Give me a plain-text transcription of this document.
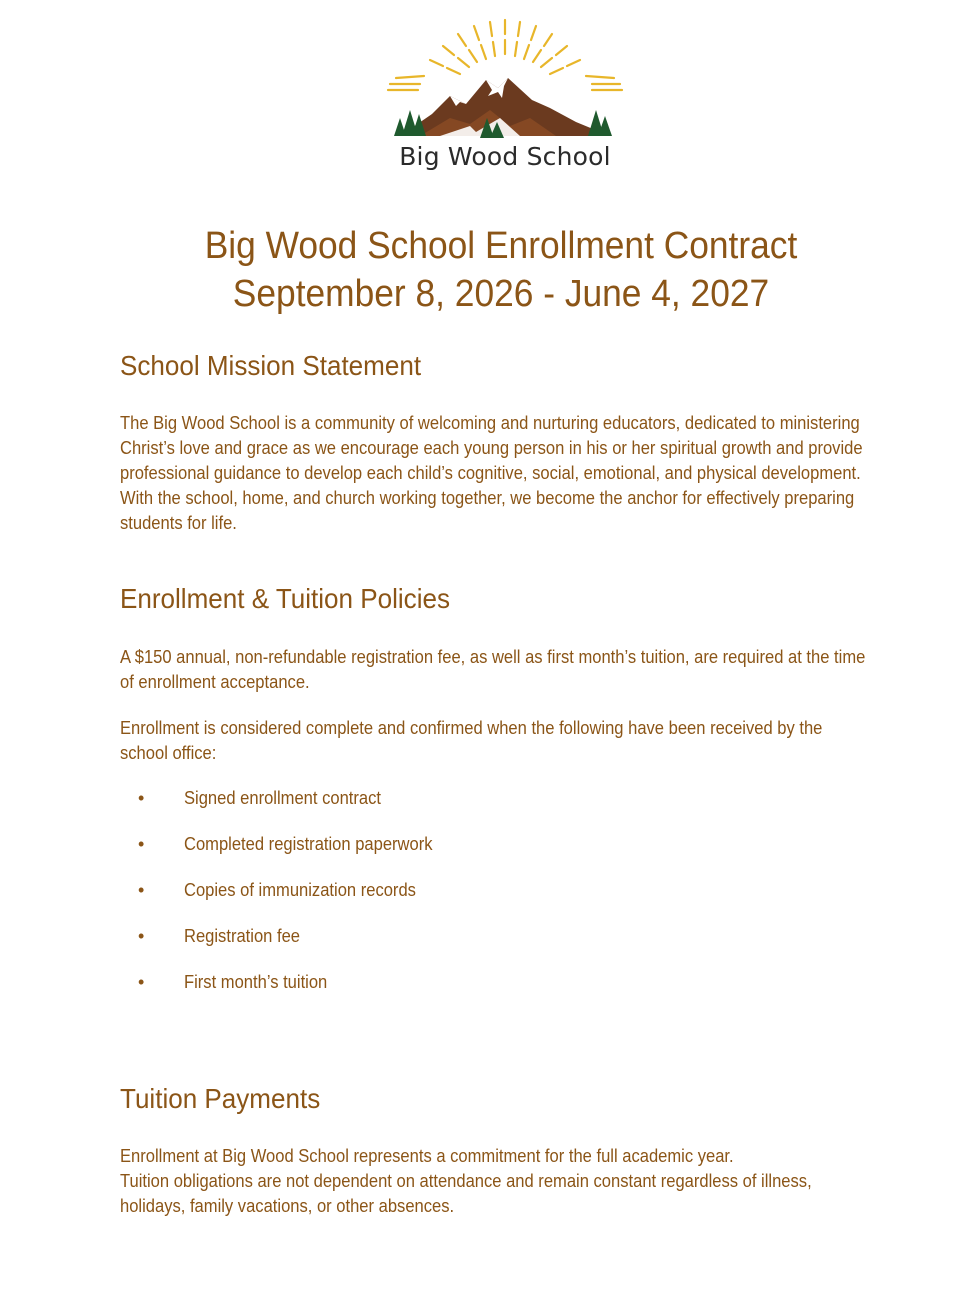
Big Wood School
Big Wood School Enrollment Contract
September 8, 2026 - June 4, 2027
School Mission Statement
The Big Wood School is a community of welcoming and nurturing educators, dedicated to ministering Christ’s love and grace as we encourage each young person in his or her spiritual growth and provide professional guidance to develop each child’s cognitive, social, emotional, and physical development. With the school, home, and church working together, we become the anchor for effectively preparing students for life.
Enrollment & Tuition Policies
A $150 annual, non-refundable registration fee, as well as first month’s tuition, are required at the time of enrollment acceptance.
Enrollment is considered complete and confirmed when the following have been received by the school office:
• Signed enrollment contract
• Completed registration paperwork
• Copies of immunization records
• Registration fee
• First month’s tuition
Tuition Payments
Enrollment at Big Wood School represents a commitment for the full academic year.
Tuition obligations are not dependent on attendance and remain constant regardless of illness, holidays, family vacations, or other absences.
